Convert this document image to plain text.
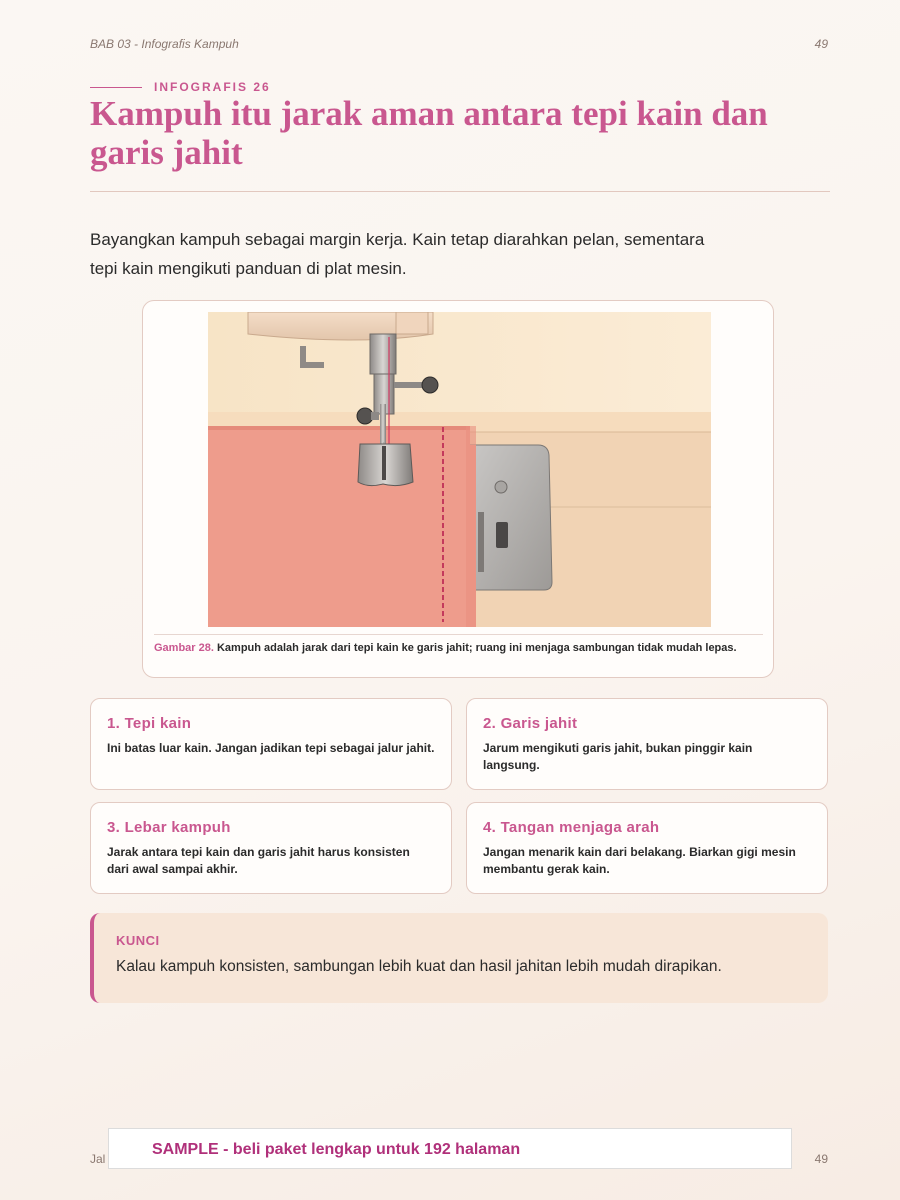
BAB 03 - Infografis Kampuh	49
INFOGRAFIS 26
Kampuh itu jarak aman antara tepi kain dan garis jahit

Bayangkan kampuh sebagai margin kerja. Kain tetap diarahkan pelan, sementara tepi kain mengikuti panduan di plat mesin.

Gambar 28. Kampuh adalah jarak dari tepi kain ke garis jahit; ruang ini menjaga sambungan tidak mudah lepas.

1. Tepi kain

Ini batas luar kain. Jangan jadikan tepi sebagai jalur jahit.

2. Garis jahit

Jarum mengikuti garis jahit, bukan pinggir kain langsung.

3. Lebar kampuh

Jarak antara tepi kain dan garis jahit harus konsisten dari awal sampai akhir.

4. Tangan menjaga arah

Jangan menarik kain dari belakang. Biarkan gigi mesin membantu gerak kain.

KUNCI
Kalau kampuh konsisten, sambungan lebih kuat dan hasil jahitan lebih mudah dirapikan.
Jal	49
SAMPLE - beli paket lengkap untuk 192 halaman
